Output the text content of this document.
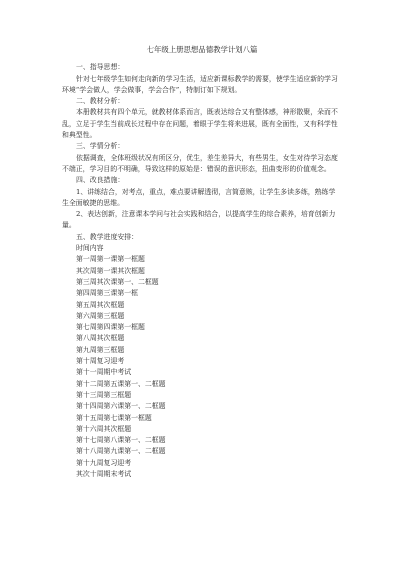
七年级上册思想品德教学计划八篇

一、指导思想：

针对七年级学生如何走向新的学习生活，适应新课标教学的需要，使学生适应新的学习环境“学会做人，学会做事，学会合作”，特制订如下规划。

二、教材分析：

本册教材共有四个单元，就教材体系而言，既表达综合又有整体感，神形散聚，朵而不乱，立足于学生当前成长过程中存在问题，着眼于学生将来进展，既有全面性，又有科学性和典型性。

三、学情分析：

依据调查，全体班级状况有所区分，优生，差生差异大，有些男生，女生对待学习态度不端正，学习目的不明确，导致这样的原始是：错误的意识形态，扭曲变形的价值观念。

四、改良措施：

1、讲练结合，对考点，重点，难点要讲解透彻，言简意赅，让学生多读多练，熟练学生全面敏捷的思维。

2、表达创新，注意课本学问与社会实践和结合，以提高学生的综合素养，培育创新力量。

五、教学进度安排：

时间内容

第一周第一课第一框题
其次周第一课其次框题
第三周其次课第一、二框题
第四周第三课第一框
第五周其次框题
第六周第三框题
第七周第四课第一框题
第八周其次框题
第九周第三框题
第十周复习迎考
第十一周期中考试
第十二周第五课第一、二框题
第十三周第三框题
第十四周第六课第一、二框题
第十五周第七课第一框题
第十六周其次框题
第十七周第八课第一、二框题
第十八周第九课第一、二框题
第十九周复习迎考
其次十周期末考试
